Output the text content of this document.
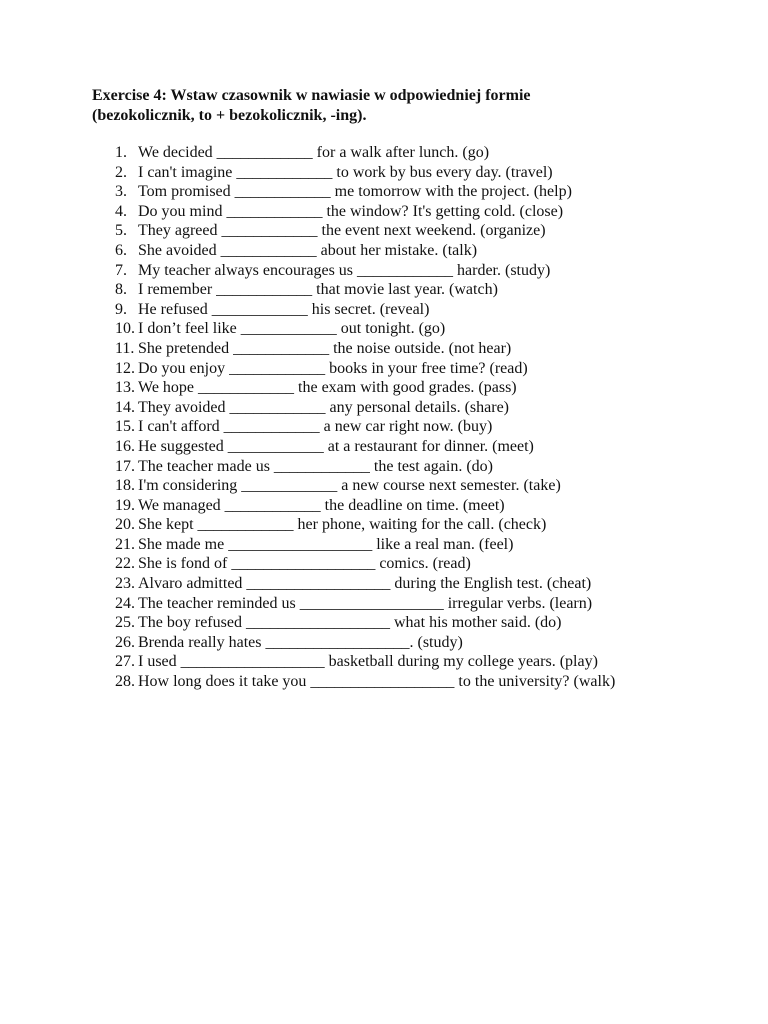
Exercise 4: Wstaw czasownik w nawiasie w odpowiedniej formie
(bezokolicznik, to + bezokolicznik, -ing).
1. We decided ____________ for a walk after lunch. (go)
2. I can't imagine ____________ to work by bus every day. (travel)
3. Tom promised ____________ me tomorrow with the project. (help)
4. Do you mind ____________ the window? It's getting cold. (close)
5. They agreed ____________ the event next weekend. (organize)
6. She avoided ____________ about her mistake. (talk)
7. My teacher always encourages us ____________ harder. (study)
8. I remember ____________ that movie last year. (watch)
9. He refused ____________ his secret. (reveal)
10. I don’t feel like ____________ out tonight. (go)
11. She pretended ____________ the noise outside. (not hear)
12. Do you enjoy ____________ books in your free time? (read)
13. We hope ____________ the exam with good grades. (pass)
14. They avoided ____________ any personal details. (share)
15. I can't afford ____________ a new car right now. (buy)
16. He suggested ____________ at a restaurant for dinner. (meet)
17. The teacher made us ____________ the test again. (do)
18. I'm considering ____________ a new course next semester. (take)
19. We managed ____________ the deadline on time. (meet)
20. She kept ____________ her phone, waiting for the call. (check)
21. She made me __________________ like a real man. (feel)
22. She is fond of __________________ comics. (read)
23. Alvaro admitted __________________ during the English test. (cheat)
24. The teacher reminded us __________________ irregular verbs. (learn)
25. The boy refused __________________ what his mother said. (do)
26. Brenda really hates __________________. (study)
27. I used __________________ basketball during my college years. (play)
28. How long does it take you __________________ to the university? (walk)
